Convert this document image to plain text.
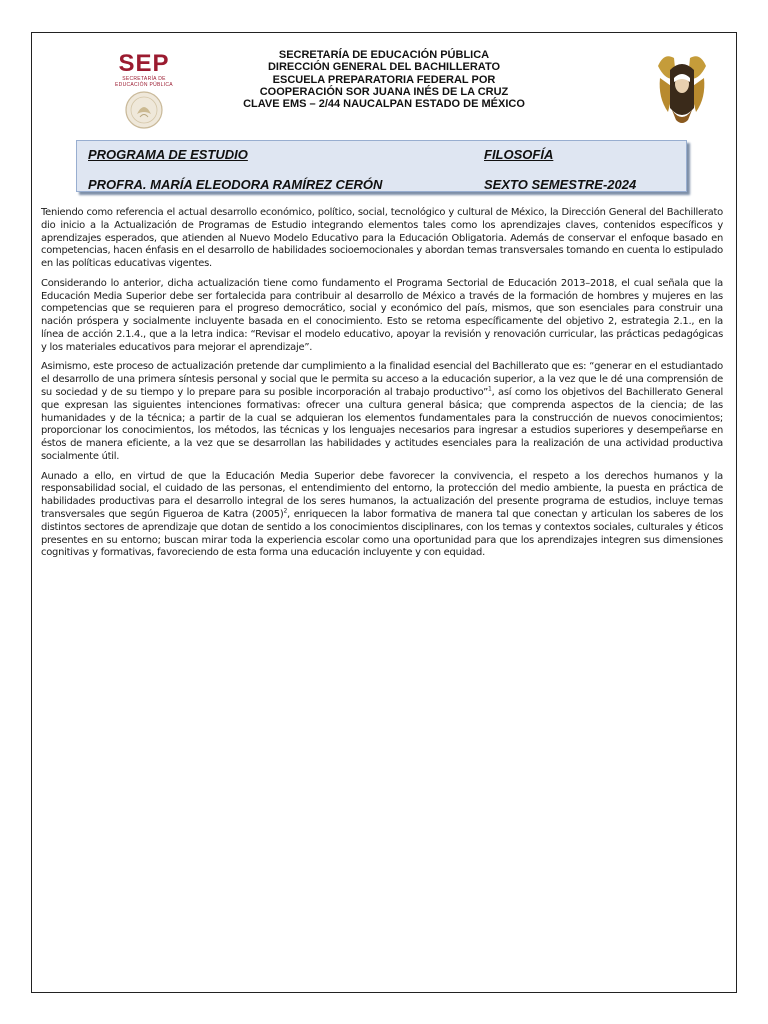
SEP
SECRETARÍA DE
EDUCACIÓN PÚBLICA
SECRETARÍA DE EDUCACIÓN PÚBLICA
DIRECCIÓN GENERAL DEL BACHILLERATO
ESCUELA PREPARATORIA FEDERAL POR
COOPERACIÓN SOR JUANA INÉS DE LA CRUZ
CLAVE EMS – 2/44 NAUCALPAN ESTADO DE MÉXICO
PROGRAMA DE ESTUDIO	FILOSOFÍA
PROFRA. MARÍA ELEODORA RAMÍREZ CERÓN	SEXTO SEMESTRE-2024

Teniendo como referencia el actual desarrollo económico, político, social, tecnológico y cultural de México, la Dirección General del Bachillerato dio inicio a la Actualización de Programas de Estudio integrando elementos tales como los aprendizajes claves, contenidos específicos y aprendizajes esperados, que atienden al Nuevo Modelo Educativo para la Educación Obligatoria. Además de conservar el enfoque basado en competencias, hacen énfasis en el desarrollo de habilidades socioemocionales y abordan temas transversales tomando en cuenta lo estipulado en las políticas educativas vigentes.

Considerando lo anterior, dicha actualización tiene como fundamento el Programa Sectorial de Educación 2013–2018, el cual señala que la Educación Media Superior debe ser fortalecida para contribuir al desarrollo de México a través de la formación de hombres y mujeres en las competencias que se requieren para el progreso democrático, social y económico del país, mismos, que son esenciales para construir una nación próspera y socialmente incluyente basada en el conocimiento. Esto se retoma específicamente del objetivo 2, estrategia 2.1., en la línea de acción 2.1.4., que a la letra indica: “Revisar el modelo educativo, apoyar la revisión y renovación curricular, las prácticas pedagógicas y los materiales educativos para mejorar el aprendizaje”.

Asimismo, este proceso de actualización pretende dar cumplimiento a la finalidad esencial del Bachillerato que es: “generar en el estudiantado el desarrollo de una primera síntesis personal y social que le permita su acceso a la educación superior, a la vez que le dé una comprensión de su sociedad y de su tiempo y lo prepare para su posible incorporación al trabajo productivo”$^1$, así como los objetivos del Bachillerato General que expresan las siguientes intenciones formativas: ofrecer una cultura general básica; que comprenda aspectos de la ciencia; de las humanidades y de la técnica; a partir de la cual se adquieran los elementos fundamentales para la construcción de nuevos conocimientos; proporcionar los conocimientos, los métodos, las técnicas y los lenguajes necesarios para ingresar a estudios superiores y desempeñarse en éstos de manera eficiente, a la vez que se desarrollan las habilidades y actitudes esenciales para la realización de una actividad productiva socialmente útil.

Aunado a ello, en virtud de que la Educación Media Superior debe favorecer la convivencia, el respeto a los derechos humanos y la responsabilidad social, el cuidado de las personas, el entendimiento del entorno, la protección del medio ambiente, la puesta en práctica de habilidades productivas para el desarrollo integral de los seres humanos, la actualización del presente programa de estudios, incluye temas transversales que según Figueroa de Katra $(2005)^2$, enriquecen la labor formativa de manera tal que conectan y articulan los saberes de los distintos sectores de aprendizaje que dotan de sentido a los conocimientos disciplinares, con los temas y contextos sociales, culturales y éticos presentes en su entorno; buscan mirar toda la experiencia escolar como una oportunidad para que los aprendizajes integren sus dimensiones cognitivas y formativas, favoreciendo de esta forma una educación incluyente y con equidad.
